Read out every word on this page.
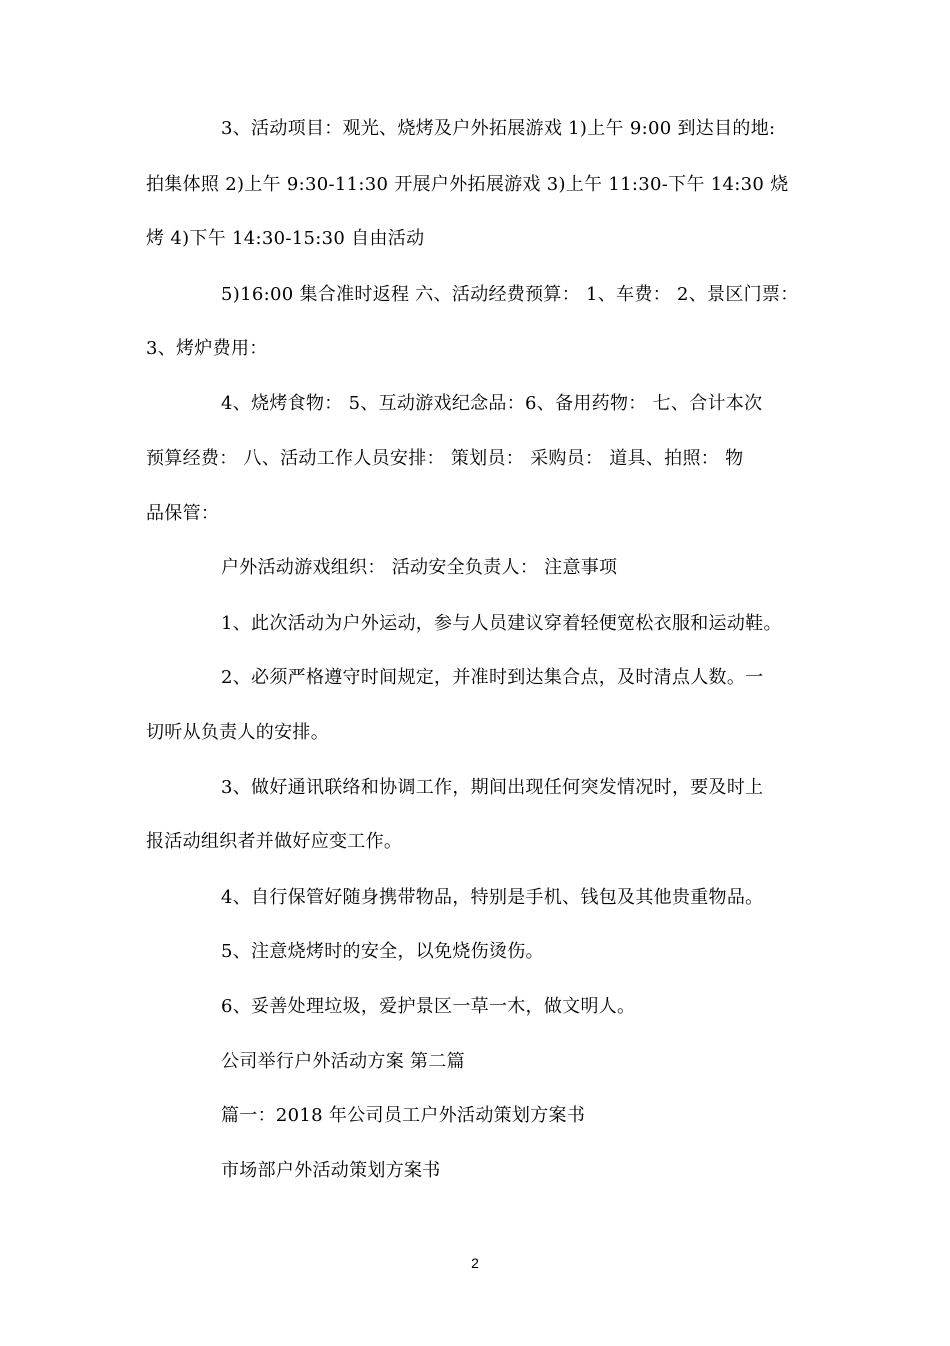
3、活动项目：观光、烧烤及户外拓展游戏 1)上午 9:00 到达目的地:
拍集体照 2)上午 9:30-11:30 开展户外拓展游戏 3)上午 11:30-下午 14:30 烧
烤 4)下午 14:30-15:30 自由活动
5)16:00 集合准时返程 六、活动经费预算： 1、车费： 2、景区门票：
3、烤炉费用：
4、烧烤食物： 5、互动游戏纪念品：6、备用药物： 七、合计本次
预算经费： 八、活动工作人员安排： 策划员： 采购员： 道具、拍照： 物
品保管：
户外活动游戏组织： 活动安全负责人： 注意事项
1、此次活动为户外运动，参与人员建议穿着轻便宽松衣服和运动鞋。
2、必须严格遵守时间规定，并准时到达集合点，及时清点人数。一
切听从负责人的安排。
3、做好通讯联络和协调工作，期间出现任何突发情况时，要及时上
报活动组织者并做好应变工作。
4、自行保管好随身携带物品，特别是手机、钱包及其他贵重物品。
5、注意烧烤时的安全，以免烧伤烫伤。
6、妥善处理垃圾，爱护景区一草一木，做文明人。
公司举行户外活动方案 第二篇
篇一：2018 年公司员工户外活动策划方案书
市场部户外活动策划方案书
2
